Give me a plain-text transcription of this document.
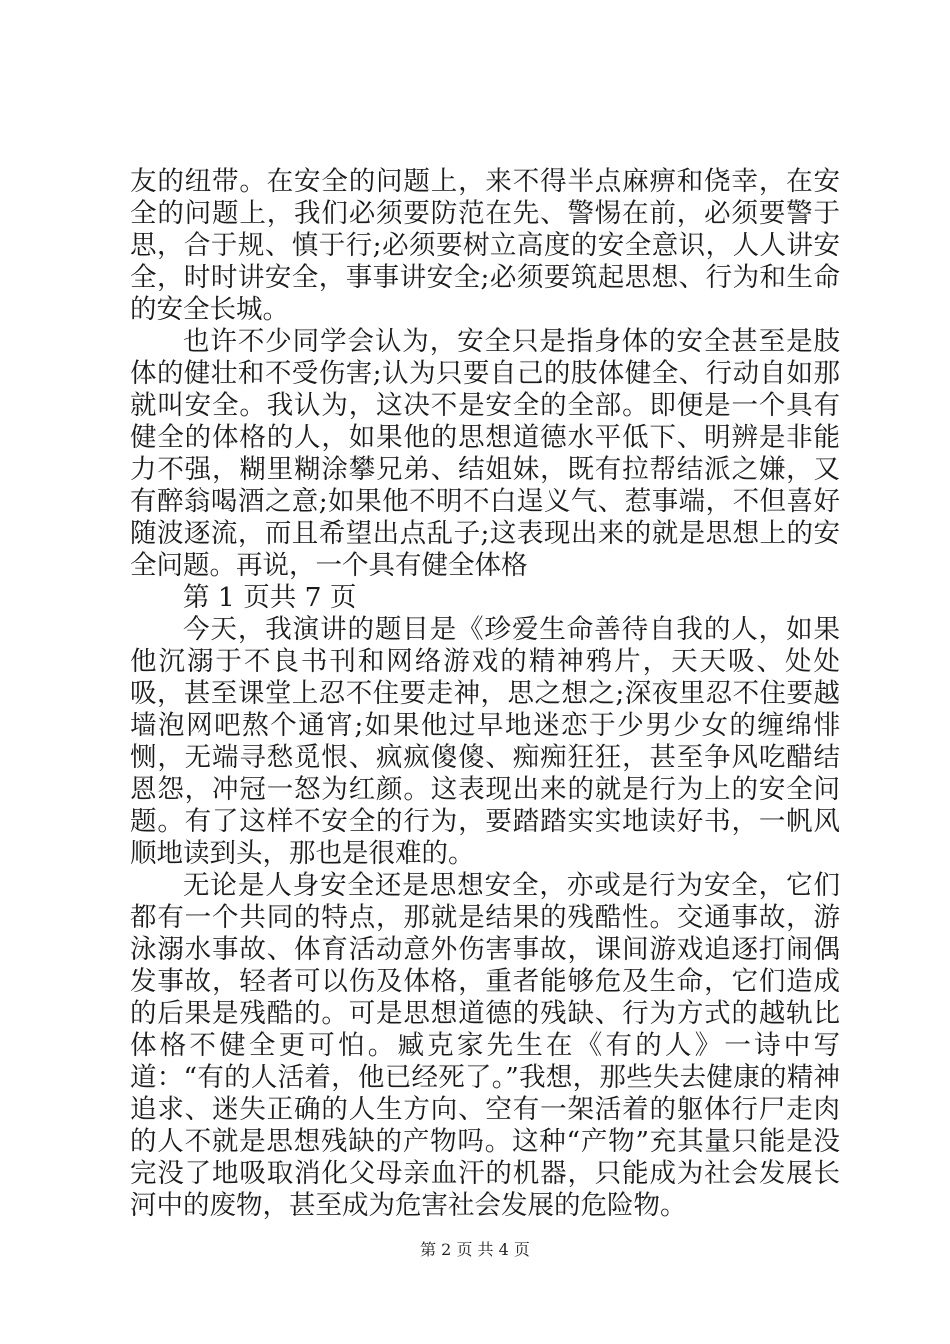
友的纽带。在安全的问题上，来不得半点麻痹和侥幸，在安全的问题上，我们必须要防范在先、警惕在前，必须要警于思，合于规、慎于行;必须要树立高度的安全意识，人人讲安全，时时讲安全，事事讲安全;必须要筑起思想、行为和生命的安全长城。

也许不少同学会认为，安全只是指身体的安全甚至是肢体的健壮和不受伤害;认为只要自己的肢体健全、行动自如那就叫安全。我认为，这决不是安全的全部。即便是一个具有健全的体格的人，如果他的思想道德水平低下、明辨是非能力不强，糊里糊涂攀兄弟、结姐妹，既有拉帮结派之嫌，又有醉翁喝酒之意;如果他不明不白逞义气、惹事端，不但喜好随波逐流，而且希望出点乱子;这表现出来的就是思想上的安全问题。再说，一个具有健全体格

第 1 页共 7 页

今天，我演讲的题目是《珍爱生命善待自我的人，如果他沉溺于不良书刊和网络游戏的精神鸦片，天天吸、处处吸，甚至课堂上忍不住要走神，思之想之;深夜里忍不住要越墙泡网吧熬个通宵;如果他过早地迷恋于少男少女的缠绵悱恻，无端寻愁觅恨、疯疯傻傻、痴痴狂狂，甚至争风吃醋结恩怨，冲冠一怒为红颜。这表现出来的就是行为上的安全问题。有了这样不安全的行为，要踏踏实实地读好书，一帆风顺地读到头，那也是很难的。

无论是人身安全还是思想安全，亦或是行为安全，它们都有一个共同的特点，那就是结果的残酷性。交通事故，游泳溺水事故、体育活动意外伤害事故，课间游戏追逐打闹偶发事故，轻者可以伤及体格，重者能够危及生命，它们造成的后果是残酷的。可是思想道德的残缺、行为方式的越轨比体格不健全更可怕。臧克家先生在《有的人》一诗中写道：“有的人活着，他已经死了。”我想，那些失去健康的精神追求、迷失正确的人生方向、空有一架活着的躯体行尸走肉的人不就是思想残缺的产物吗。这种“产物”充其量只能是没完没了地吸取消化父母亲血汗的机器，只能成为社会发展长河中的废物，甚至成为危害社会发展的危险物。

第 2 页 共 4 页
